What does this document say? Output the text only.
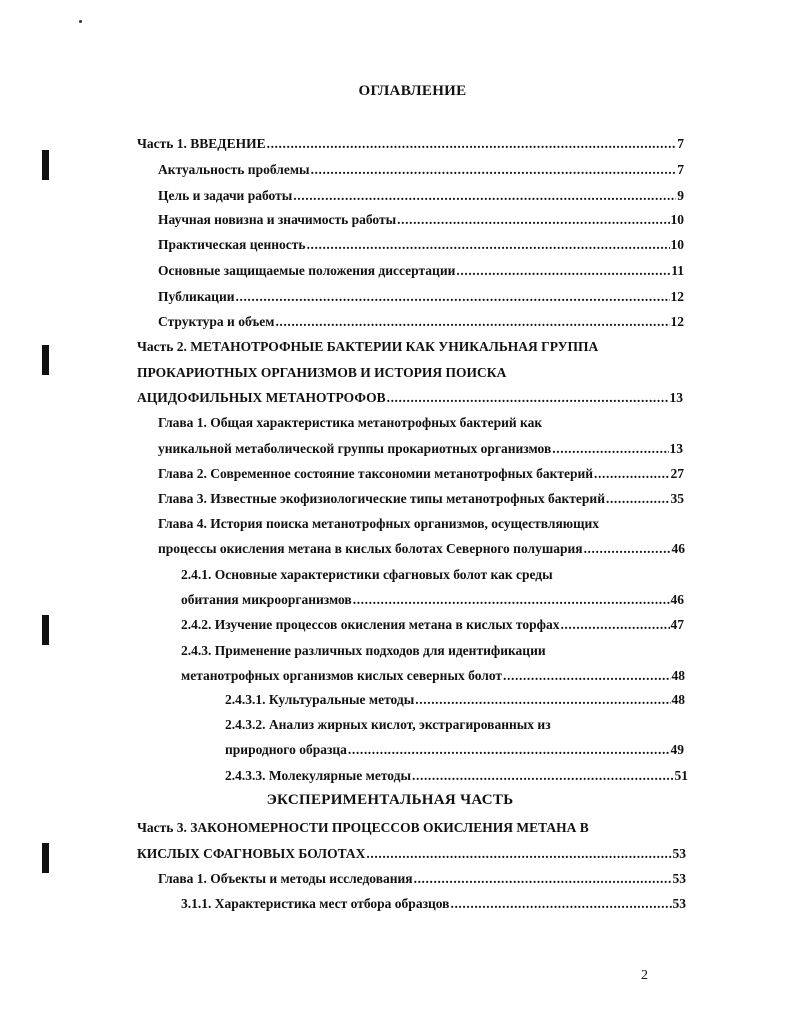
ОГЛАВЛЕНИЕ
Часть 1. ВВЕДЕНИЕ .....	7
Актуальность проблемы .....	7
Цель и задачи работы .....	9
Научная новизна и значимость работы .....	10
Практическая ценность .....	10
Основные защищаемые положения диссертации .....	11
Публикации .....	12
Структура и объем .....	12
Часть 2. МЕТАНОТРОФНЫЕ БАКТЕРИИ КАК УНИКАЛЬНАЯ ГРУППА
ПРОКАРИОТНЫХ ОРГАНИЗМОВ И ИСТОРИЯ ПОИСКА
АЦИДОФИЛЬНЫХ МЕТАНОТРОФОВ .....	13
Глава 1. Общая характеристика метанотрофных бактерий как
уникальной метаболической группы прокариотных организмов .....	13
Глава 2. Современное состояние таксономии метанотрофных бактерий .....	27
Глава 3. Известные экофизиологические типы метанотрофных бактерий .....	35
Глава 4. История поиска метанотрофных организмов, осуществляющих
процессы окисления метана в кислых болотах Северного полушария .....	46
2.4.1. Основные характеристики сфагновых болот как среды
обитания микроорганизмов .....	46
2.4.2. Изучение процессов окисления метана в кислых торфах .....	47
2.4.3. Применение различных подходов для идентификации
метанотрофных организмов кислых северных болот .....	48
2.4.3.1. Культуральные методы .....	48
2.4.3.2. Анализ жирных кислот, экстрагированных из
природного образца .....	49
2.4.3.3. Молекулярные методы .....	51
ЭКСПЕРИМЕНТАЛЬНАЯ ЧАСТЬ
Часть 3. ЗАКОНОМЕРНОСТИ ПРОЦЕССОВ ОКИСЛЕНИЯ МЕТАНА В
КИСЛЫХ СФАГНОВЫХ БОЛОТАХ .....	53
Глава 1. Объекты и методы исследования .....	53
3.1.1. Характеристика мест отбора образцов .....	53
2
